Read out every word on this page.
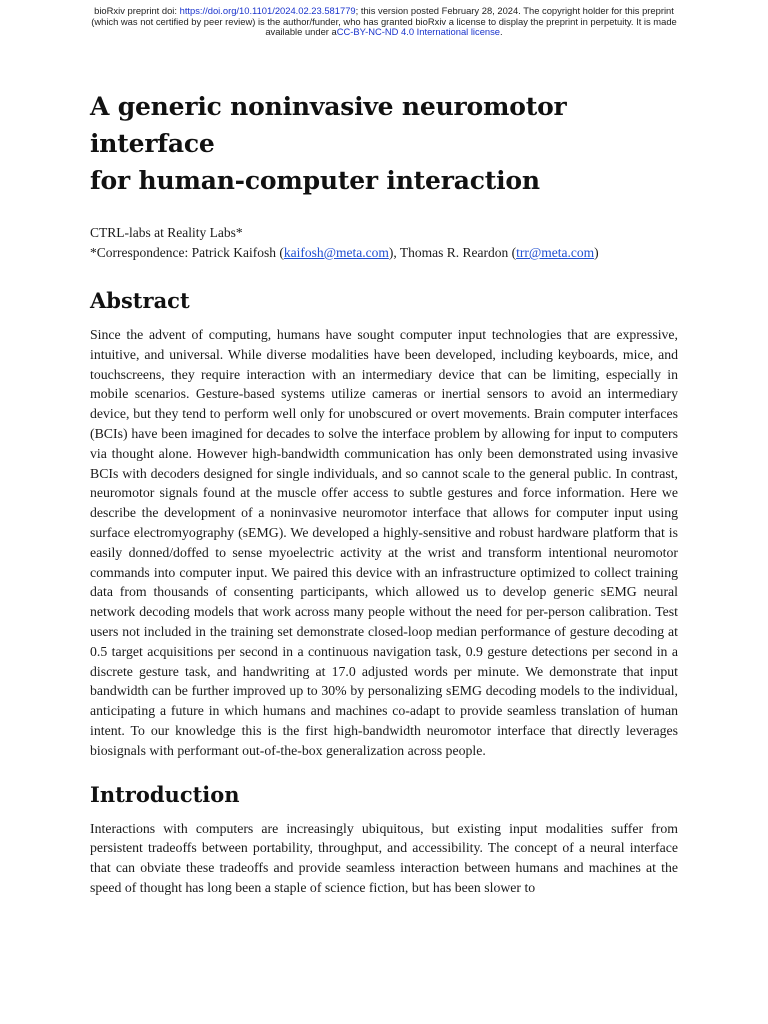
bioRxiv preprint doi: https://doi.org/10.1101/2024.02.23.581779; this version posted February 28, 2024. The copyright holder for this preprint
(which was not certified by peer review) is the author/funder, who has granted bioRxiv a license to display the preprint in perpetuity. It is made
available under aCC-BY-NC-ND 4.0 International license.
A generic noninvasive neuromotor interface
for human-computer interaction
CTRL-labs at Reality Labs*
*Correspondence: Patrick Kaifosh (kaifosh@meta.com), Thomas R. Reardon (trr@meta.com)
Abstract

Since the advent of computing, humans have sought computer input technologies that are expressive, intuitive, and universal. While diverse modalities have been developed, including keyboards, mice, and touchscreens, they require interaction with an intermediary device that can be limiting, especially in mobile scenarios. Gesture-based systems utilize cameras or inertial sensors to avoid an intermediary device, but they tend to perform well only for unobscured or overt movements. Brain computer interfaces (BCIs) have been imagined for decades to solve the interface problem by allowing for input to computers via thought alone. However high-bandwidth communication has only been demonstrated using invasive BCIs with decoders designed for single individuals, and so cannot scale to the general public. In contrast, neuromotor signals found at the muscle offer access to subtle gestures and force information. Here we describe the development of a noninvasive neuromotor interface that allows for computer input using surface electromyography (sEMG). We developed a highly-sensitive and robust hardware platform that is easily donned/doffed to sense myoelectric activity at the wrist and transform intentional neuromotor commands into computer input. We paired this device with an infrastructure optimized to collect training data from thousands of consenting participants, which allowed us to develop generic sEMG neural network decoding models that work across many people without the need for per-person calibration. Test users not included in the training set demonstrate closed-loop median performance of gesture decoding at 0.5 target acquisitions per second in a continuous navigation task, 0.9 gesture detections per second in a discrete gesture task, and handwriting at 17.0 adjusted words per minute. We demonstrate that input bandwidth can be further improved up to 30% by personalizing sEMG decoding models to the individual, anticipating a future in which humans and machines co-adapt to provide seamless translation of human intent. To our knowledge this is the first high-bandwidth neuromotor interface that directly leverages biosignals with performant out-of-the-box generalization across people.

Introduction

Interactions with computers are increasingly ubiquitous, but existing input modalities suffer from persistent tradeoffs between portability, throughput, and accessibility. The concept of a neural interface that can obviate these tradeoffs and provide seamless interaction between humans and machines at the speed of thought has long been a staple of science fiction, but has been slower to
